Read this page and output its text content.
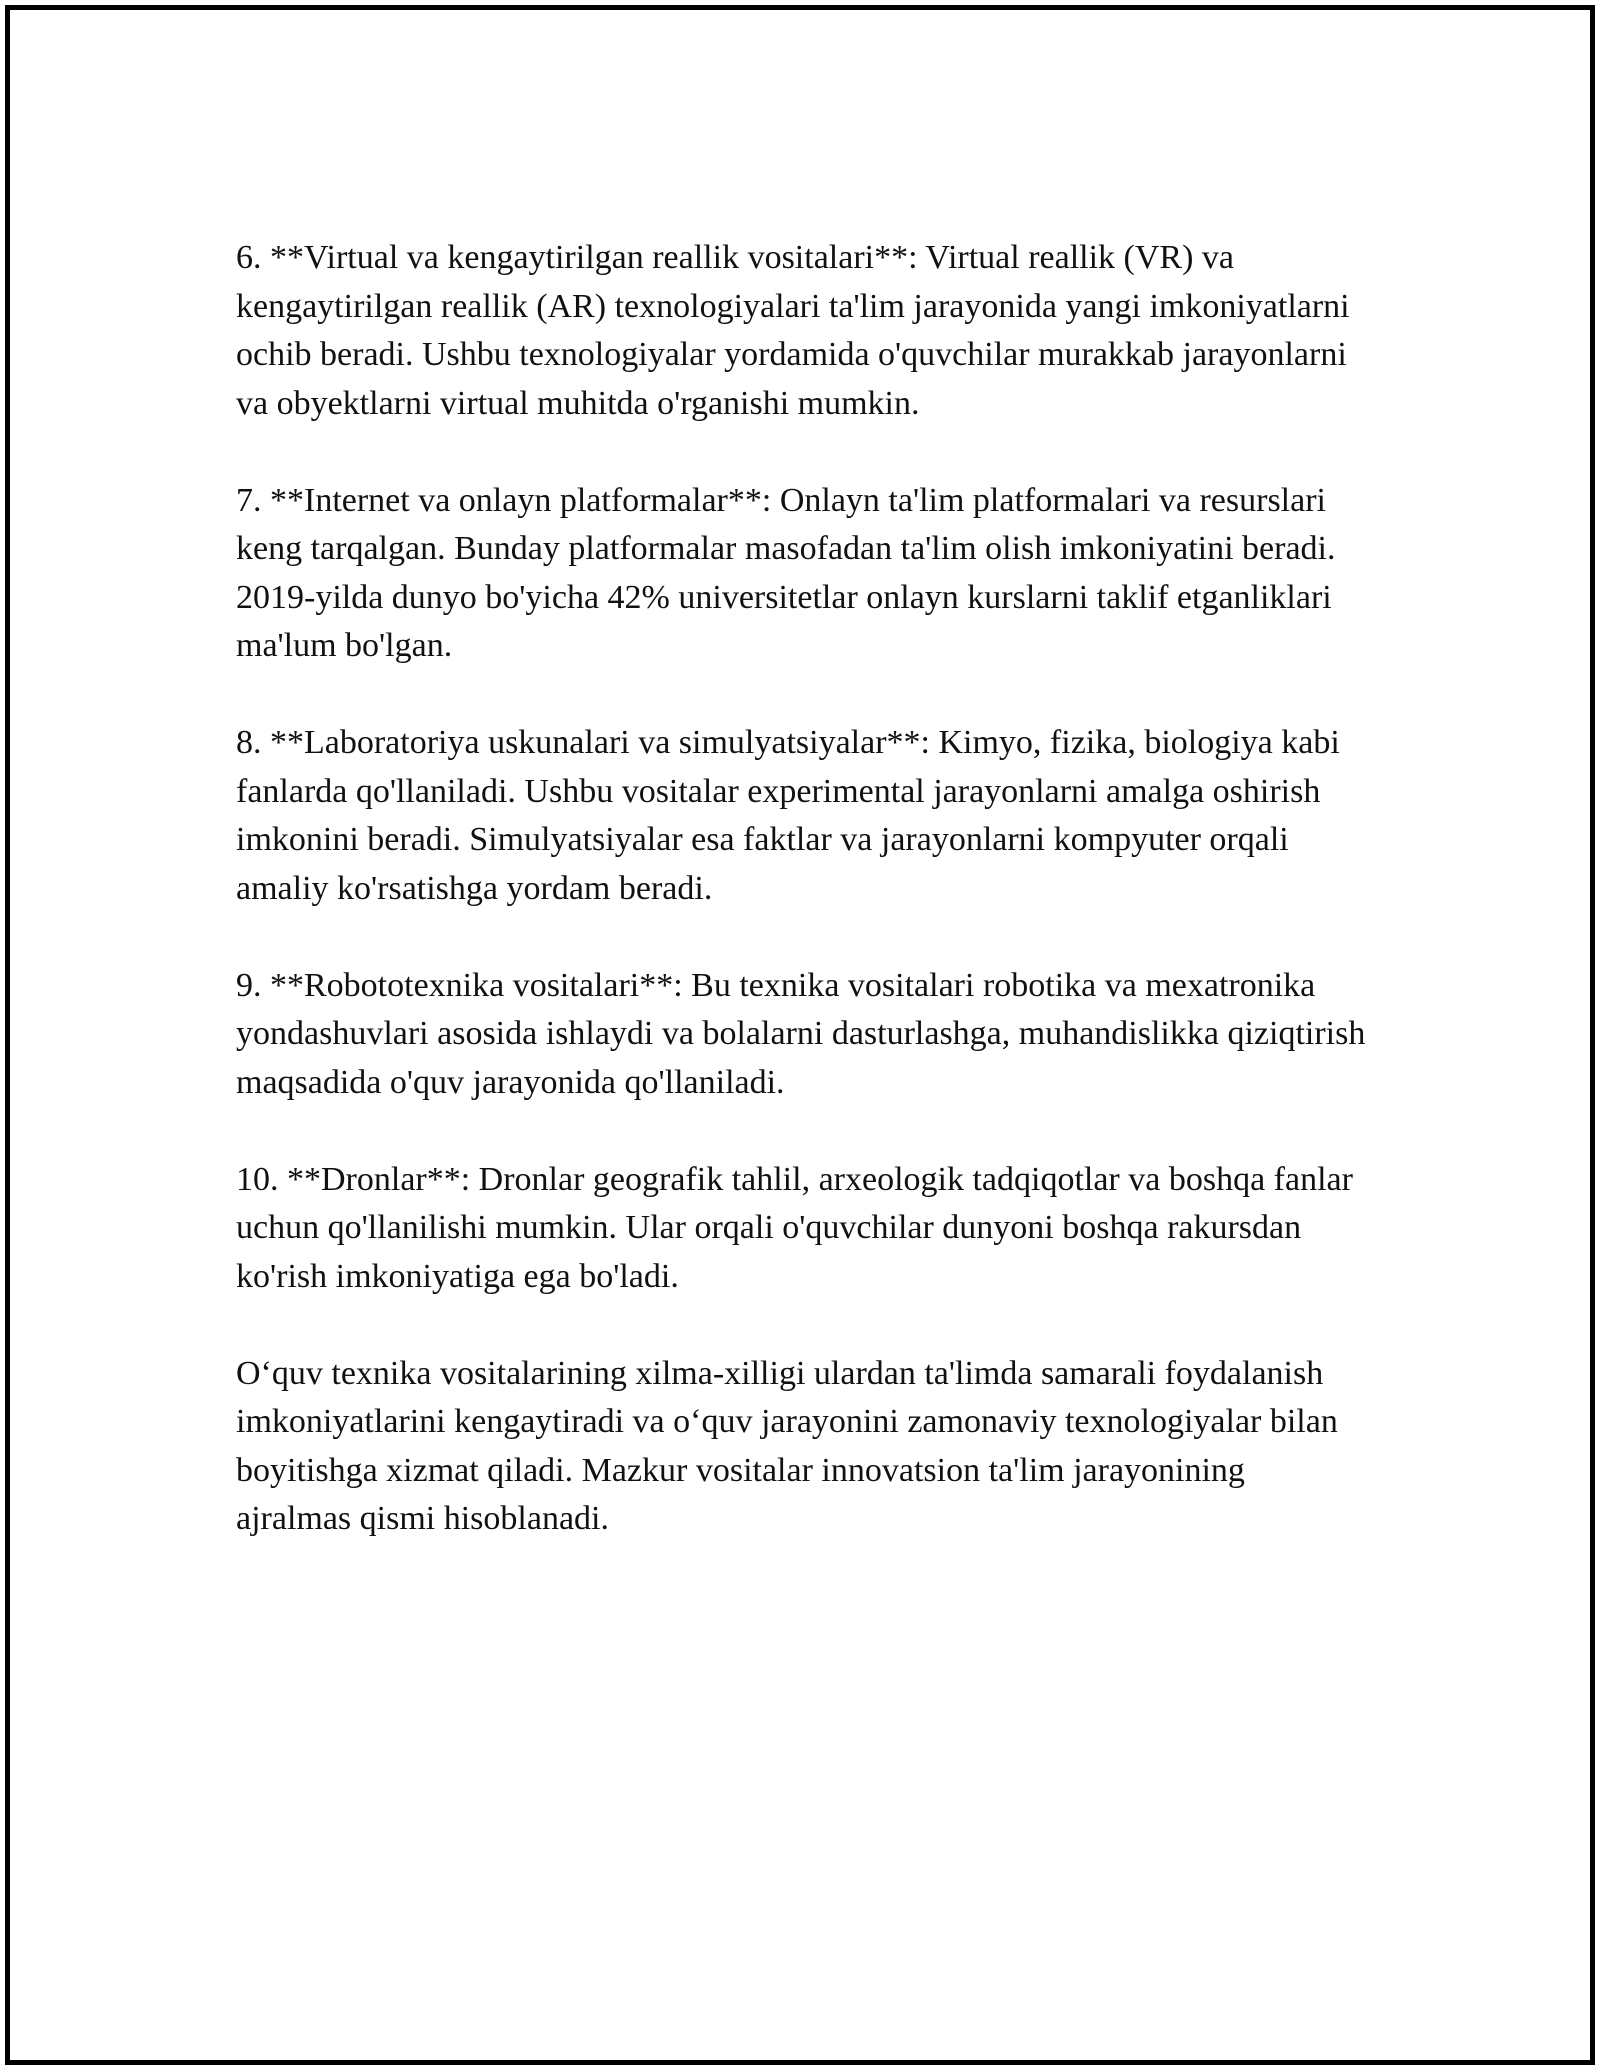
6. **Virtual va kengaytirilgan reallik vositalari**: Virtual reallik (VR) va kengaytirilgan reallik (AR) texnologiyalari ta'lim jarayonida yangi imkoniyatlarni ochib beradi. Ushbu texnologiyalar yordamida o'quvchilar murakkab jarayonlarni va obyektlarni virtual muhitda o'rganishi mumkin.

7. **Internet va onlayn platformalar**: Onlayn ta'lim platformalari va resurslari keng tarqalgan. Bunday platformalar masofadan ta'lim olish imkoniyatini beradi. 2019-yilda dunyo bo'yicha 42% universitetlar onlayn kurslarni taklif etganliklari ma'lum bo'lgan.

8. **Laboratoriya uskunalari va simulyatsiyalar**: Kimyo, fizika, biologiya kabi fanlarda qo'llaniladi. Ushbu vositalar experimental jarayonlarni amalga oshirish imkonini beradi. Simulyatsiyalar esa faktlar va jarayonlarni kompyuter orqali amaliy ko'rsatishga yordam beradi.

9. **Robototexnika vositalari**: Bu texnika vositalari robotika va mexatronika yondashuvlari asosida ishlaydi va bolalarni dasturlashga, muhandislikka qiziqtirish maqsadida o'quv jarayonida qo'llaniladi.

10. **Dronlar**: Dronlar geografik tahlil, arxeologik tadqiqotlar va boshqa fanlar uchun qo'llanilishi mumkin. Ular orqali o'quvchilar dunyoni boshqa rakursdan ko'rish imkoniyatiga ega bo'ladi.

O‘quv texnika vositalarining xilma-xilligi ulardan ta'limda samarali foydalanish imkoniyatlarini kengaytiradi va o‘quv jarayonini zamonaviy texnologiyalar bilan boyitishga xizmat qiladi. Mazkur vositalar innovatsion ta'lim jarayonining ajralmas qismi hisoblanadi.
